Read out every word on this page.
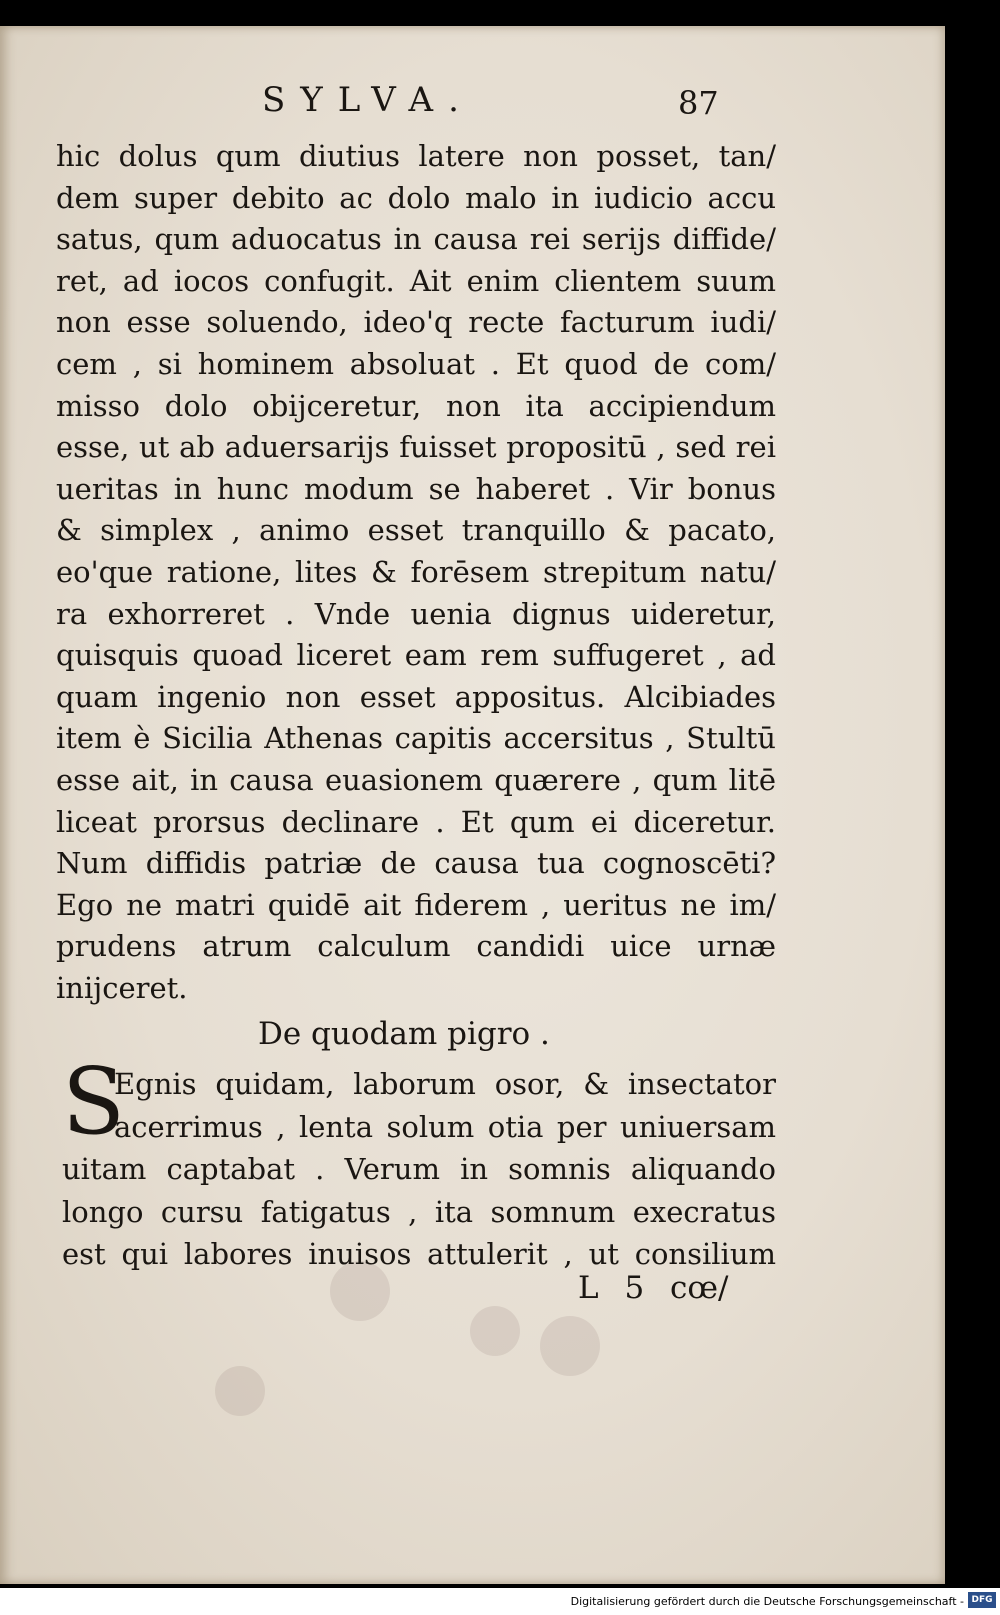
SYLVA.	87
hic dolus qum diutius latere non posset, tan/
dem super debito ac dolo malo in iudicio accu
satus, qum aduocatus in causa rei serijs diffide/
ret, ad iocos confugit. Ait enim clientem suum
non esse soluendo, ideo'q recte facturum iudi/
cem , si hominem absoluat . Et quod de com/
misso dolo obijceretur, non ita accipiendum
esse, ut ab aduersarijs fuisset propositū , sed rei
ueritas in hunc modum se haberet . Vir bonus
& simplex , animo esset tranquillo & pacato,
eo'que ratione, lites & forēsem strepitum natu/
ra exhorreret . Vnde uenia dignus uideretur,
quisquis quoad liceret eam rem suffugeret , ad
quam ingenio non esset appositus. Alcibiades
item è Sicilia Athenas capitis accersitus , Stultū
esse ait, in causa euasionem quærere , qum litē
liceat prorsus declinare . Et qum ei diceretur.
Num diffidis patriæ de causa tua cognoscēti?
Ego ne matri quidē ait fiderem , ueritus ne im/
prudens atrum calculum candidi uice urnæ
inijceret.
De quodam pigro .
S
Egnis quidam, laborum osor, & insectator
acerrimus , lenta solum otia per uniuersam
uitam captabat . Verum in somnis aliquando
longo cursu fatigatus , ita somnum execratus
est qui labores inuisos attulerit , ut consilium
L 5 cœ/
Digitalisierung gefördert durch die Deutsche Forschungsgemeinschaft - DFG
